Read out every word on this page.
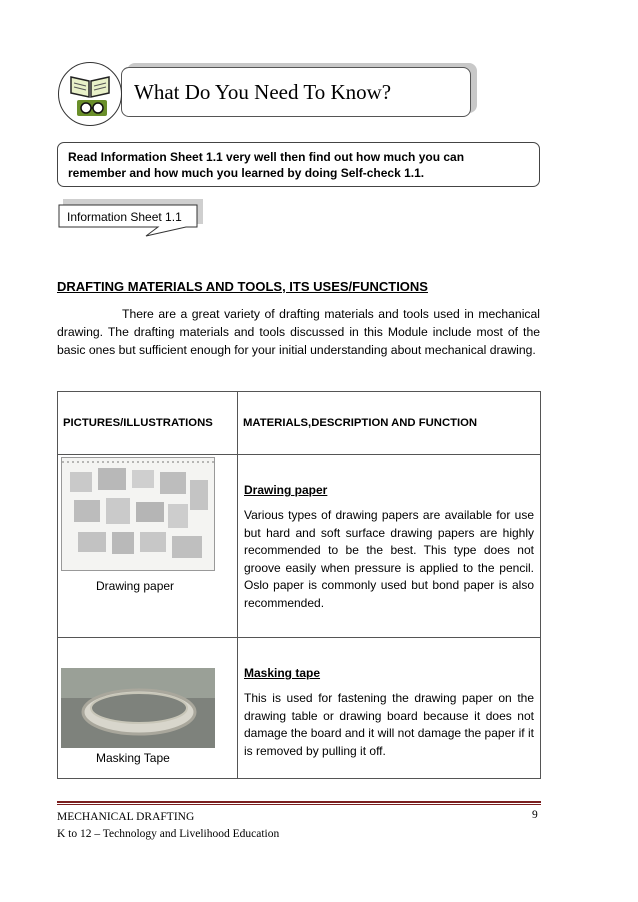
What Do You Need To Know?
Read Information Sheet 1.1 very well then find out how much you can
remember and how much you learned by doing Self-check 1.1.
Information Sheet 1.1
DRAFTING MATERIALS AND TOOLS, ITS USES/FUNCTIONS
There are a great variety of drafting materials and tools used in mechanical drawing. The drafting materials and tools discussed in this Module include most of the basic ones but sufficient enough for your initial understanding about mechanical drawing.
PICTURES/ILLUSTRATIONS	MATERIALS,DESCRIPTION AND FUNCTION

Drawing paper	Drawing paper

Various types of drawing papers are available for use but hard and soft surface drawing papers are highly recommended to be the best. This type does not groove easily when pressure is applied to the pencil. Oslo paper is commonly used but bond paper is also recommended.

Masking Tape	Masking tape

This is used for fastening the drawing paper on the drawing table or drawing board because it does not damage the board and it will not damage the paper if it is removed by pulling it off.

MECHANICAL DRAFTING
K to 12 – Technology and Livelihood Education
9
